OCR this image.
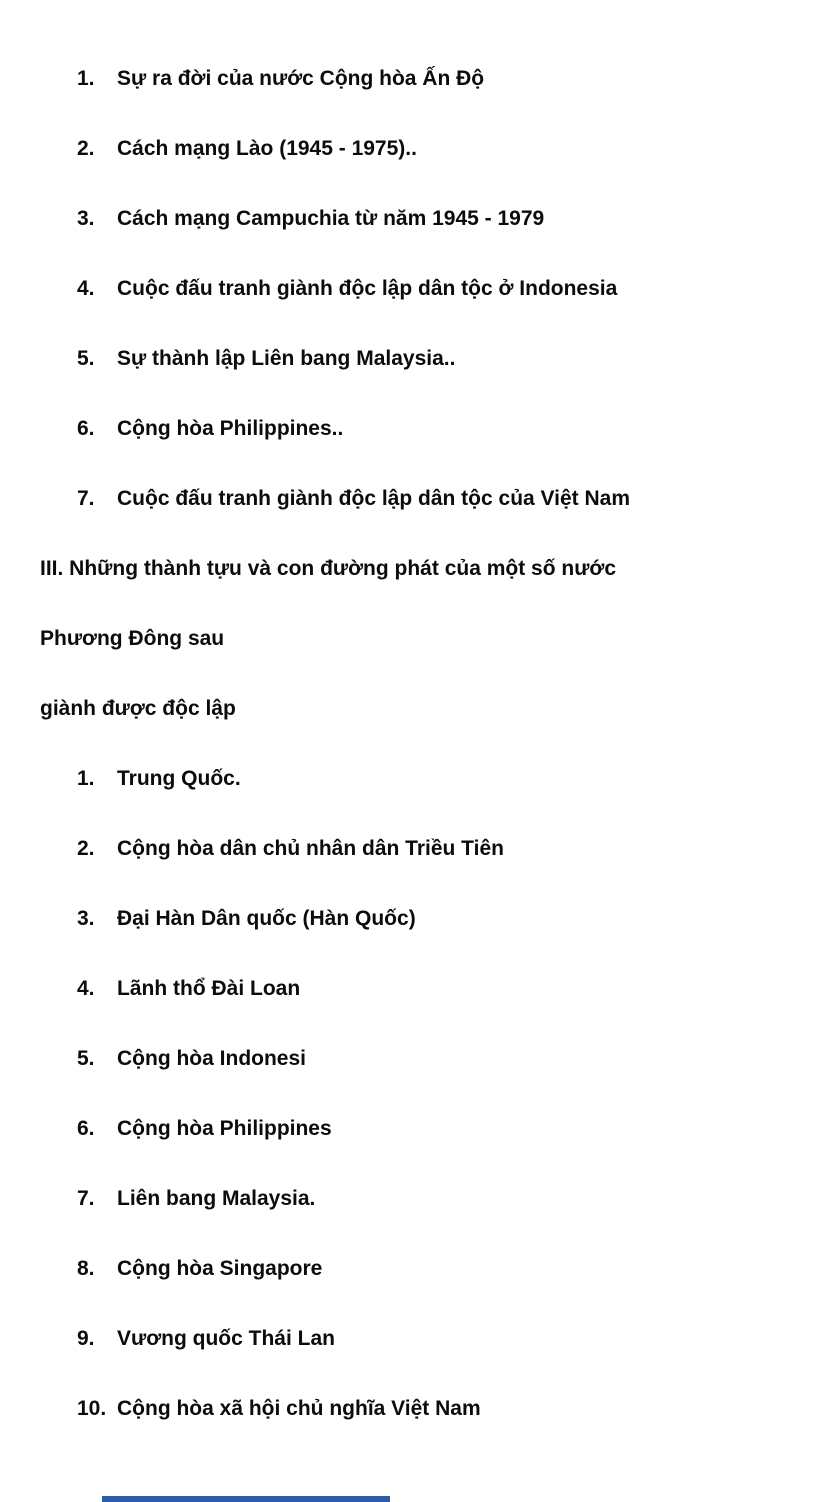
1. Sự ra đời của nước Cộng hòa Ấn Độ
2. Cách mạng Lào (1945 - 1975)..
3. Cách mạng Campuchia từ năm 1945 - 1979
4. Cuộc đấu tranh giành độc lập dân tộc ở Indonesia
5. Sự thành lập Liên bang Malaysia..
6. Cộng hòa Philippines..
7. Cuộc đấu tranh giành độc lập dân tộc của Việt Nam
III. Những thành tựu và con đường phát của một số nước
Phương Đông sau
giành được độc lập
1. Trung Quốc.
2. Cộng hòa dân chủ nhân dân Triều Tiên
3. Đại Hàn Dân quốc (Hàn Quốc)
4. Lãnh thổ Đài Loan
5. Cộng hòa Indonesi
6. Cộng hòa Philippines
7. Liên bang Malaysia.
8. Cộng hòa Singapore
9. Vương quốc Thái Lan
10. Cộng hòa xã hội chủ nghĩa Việt Nam
